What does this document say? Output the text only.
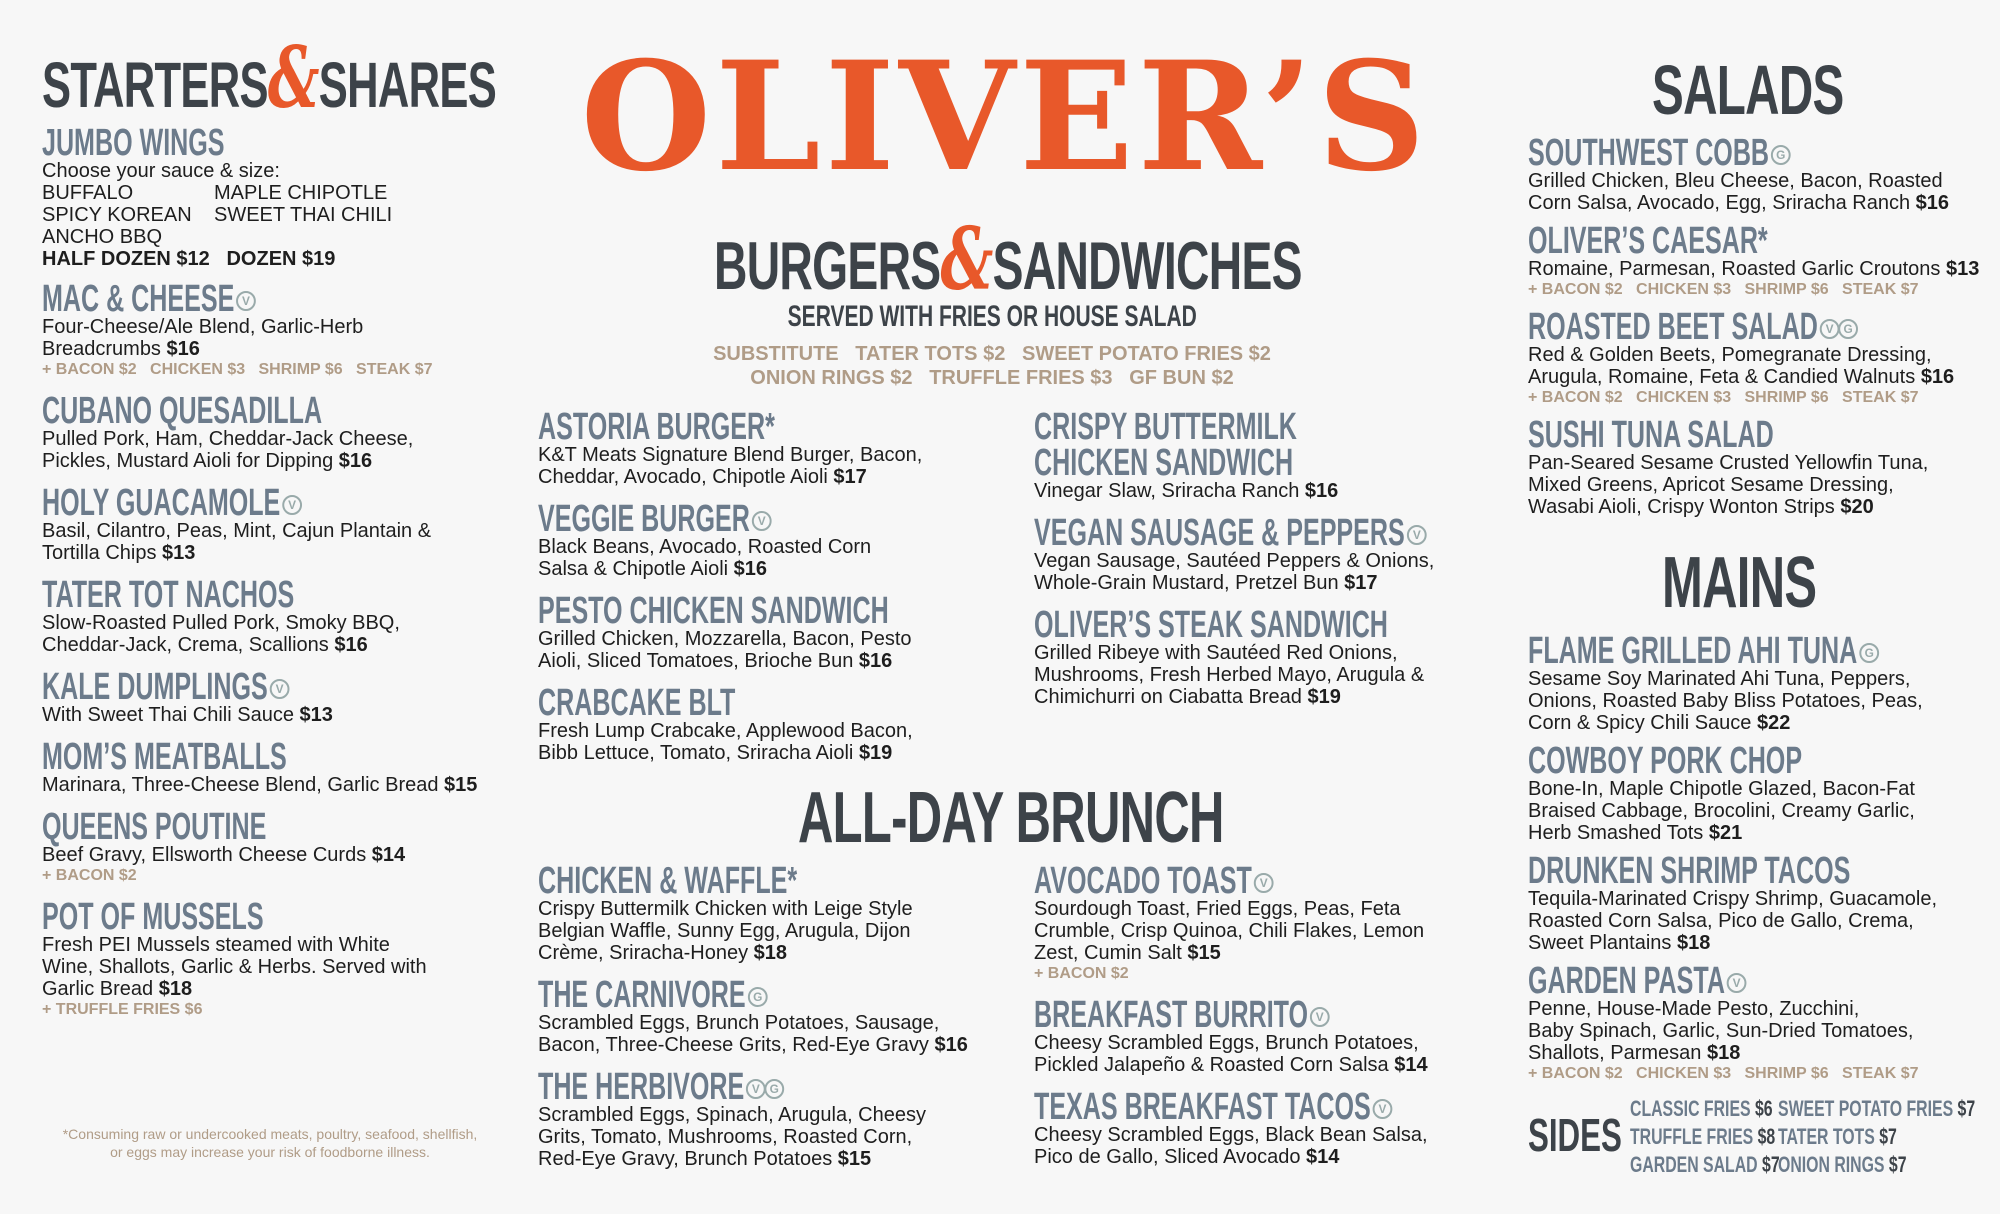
OLIVER’S
STARTERS&SHARES
JUMBO WINGS
Choose your sauce & size:
BUFFALO	MAPLE CHIPOTLE
SPICY KOREAN	SWEET THAI CHILI
ANCHO BBQ
HALF DOZEN $12   DOZEN $19
MAC & CHEESE V
Four-Cheese/Ale Blend, Garlic-Herb
Breadcrumbs $16
+ BACON $2   CHICKEN $3   SHRIMP $6   STEAK $7
CUBANO QUESADILLA
Pulled Pork, Ham, Cheddar-Jack Cheese,
Pickles, Mustard Aioli for Dipping $16
HOLY GUACAMOLE V
Basil, Cilantro, Peas, Mint, Cajun Plantain &
Tortilla Chips $13
TATER TOT NACHOS
Slow-Roasted Pulled Pork, Smoky BBQ,
Cheddar-Jack, Crema, Scallions $16
KALE DUMPLINGS V
With Sweet Thai Chili Sauce $13
MOM’S MEATBALLS
Marinara, Three-Cheese Blend, Garlic Bread $15
QUEENS POUTINE
Beef Gravy, Ellsworth Cheese Curds $14
+ BACON $2
POT OF MUSSELS
Fresh PEI Mussels steamed with White
Wine, Shallots, Garlic & Herbs. Served with
Garlic Bread $18
+ TRUFFLE FRIES $6
*Consuming raw or undercooked meats, poultry, seafood, shellfish, or eggs may increase your risk of foodborne illness.
BURGERS&SANDWICHES
SERVED WITH FRIES OR HOUSE SALAD
SUBSTITUTE   TATER TOTS $2   SWEET POTATO FRIES $2
ONION RINGS $2   TRUFFLE FRIES $3   GF BUN $2
ASTORIA BURGER*
K&T Meats Signature Blend Burger, Bacon,
Cheddar, Avocado, Chipotle Aioli $17
VEGGIE BURGER V
Black Beans, Avocado, Roasted Corn
Salsa & Chipotle Aioli $16
PESTO CHICKEN SANDWICH
Grilled Chicken, Mozzarella, Bacon, Pesto
Aioli, Sliced Tomatoes, Brioche Bun $16
CRABCAKE BLT
Fresh Lump Crabcake, Applewood Bacon,
Bibb Lettuce, Tomato, Sriracha Aioli $19
CRISPY BUTTERMILK
CHICKEN SANDWICH
Vinegar Slaw, Sriracha Ranch $16
VEGAN SAUSAGE & PEPPERS V
Vegan Sausage, Sautéed Peppers & Onions,
Whole-Grain Mustard, Pretzel Bun $17
OLIVER’S STEAK SANDWICH
Grilled Ribeye with Sautéed Red Onions,
Mushrooms, Fresh Herbed Mayo, Arugula &
Chimichurri on Ciabatta Bread $19
ALL-DAY BRUNCH
CHICKEN & WAFFLE*
Crispy Buttermilk Chicken with Leige Style
Belgian Waffle, Sunny Egg, Arugula, Dijon
Crème, Sriracha-Honey $18
THE CARNIVORE G
Scrambled Eggs, Brunch Potatoes, Sausage,
Bacon, Three-Cheese Grits, Red-Eye Gravy $16
THE HERBIVORE V G
Scrambled Eggs, Spinach, Arugula, Cheesy
Grits, Tomato, Mushrooms, Roasted Corn,
Red-Eye Gravy, Brunch Potatoes $15
AVOCADO TOAST V
Sourdough Toast, Fried Eggs, Peas, Feta
Crumble, Crisp Quinoa, Chili Flakes, Lemon
Zest, Cumin Salt $15
+ BACON $2
BREAKFAST BURRITO V
Cheesy Scrambled Eggs, Brunch Potatoes,
Pickled Jalapeño & Roasted Corn Salsa $14
TEXAS BREAKFAST TACOS V
Cheesy Scrambled Eggs, Black Bean Salsa,
Pico de Gallo, Sliced Avocado $14
SALADS
SOUTHWEST COBB G
Grilled Chicken, Bleu Cheese, Bacon, Roasted
Corn Salsa, Avocado, Egg, Sriracha Ranch $16
OLIVER’S CAESAR*
Romaine, Parmesan, Roasted Garlic Croutons $13
+ BACON $2   CHICKEN $3   SHRIMP $6   STEAK $7
ROASTED BEET SALAD V G
Red & Golden Beets, Pomegranate Dressing,
Arugula, Romaine, Feta & Candied Walnuts $16
+ BACON $2   CHICKEN $3   SHRIMP $6   STEAK $7
SUSHI TUNA SALAD
Pan-Seared Sesame Crusted Yellowfin Tuna,
Mixed Greens, Apricot Sesame Dressing,
Wasabi Aioli, Crispy Wonton Strips $20
MAINS
FLAME GRILLED AHI TUNA G
Sesame Soy Marinated Ahi Tuna, Peppers,
Onions, Roasted Baby Bliss Potatoes, Peas,
Corn & Spicy Chili Sauce $22
COWBOY PORK CHOP
Bone-In, Maple Chipotle Glazed, Bacon-Fat
Braised Cabbage, Brocolini, Creamy Garlic,
Herb Smashed Tots $21
DRUNKEN SHRIMP TACOS
Tequila-Marinated Crispy Shrimp, Guacamole,
Roasted Corn Salsa, Pico de Gallo, Crema,
Sweet Plantains $18
GARDEN PASTA V
Penne, House-Made Pesto, Zucchini,
Baby Spinach, Garlic, Sun-Dried Tomatoes,
Shallots, Parmesan $18
+ BACON $2   CHICKEN $3   SHRIMP $6   STEAK $7
SIDES
CLASSIC FRIES $6 SWEET POTATO FRIES $7
TRUFFLE FRIES $8 TATER TOTS $7
GARDEN SALAD $7
ONION RINGS $7
